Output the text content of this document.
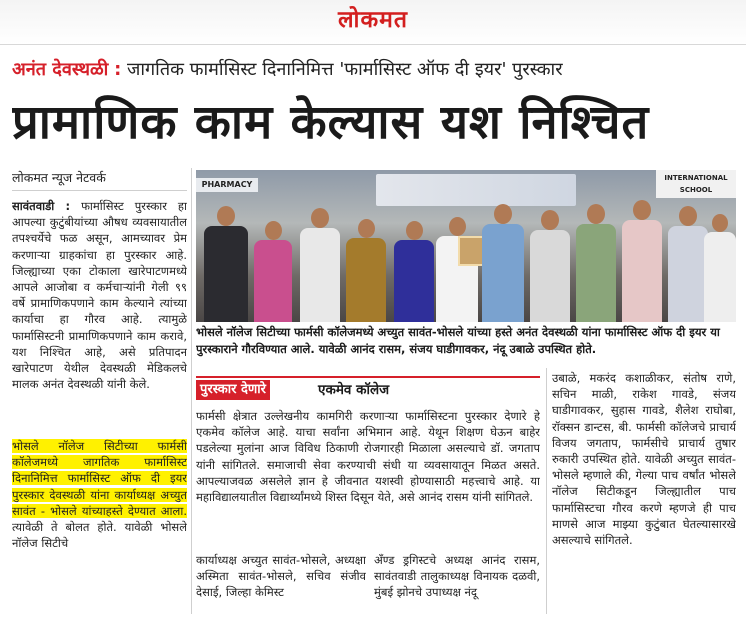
लोकमत
अनंत देवस्थळी : जागतिक फार्मासिस्ट दिनानिमित्त 'फार्मासिस्ट ऑफ दी इयर' पुरस्कार
प्रामाणिक काम केल्यास यश निश्चित
लोकमत न्यूज नेटवर्क
सावंतवाडी : फार्मासिस्ट पुरस्कार हा आपल्या कुटुंबीयांच्या औषध व्यवसायातील तपश्चर्येचे फळ असून, आमच्यावर प्रेम करणाऱ्या ग्राहकांचा हा पुरस्कार आहे. जिल्ह्याच्या एका टोकाला खारेपाटणमध्ये आपले आजोबा व कर्मचाऱ्यांनी गेली ९९ वर्षे प्रामाणिकपणाने काम केल्याने त्यांच्या कार्याचा हा गौरव आहे. त्यामुळे फार्मासिस्टनी प्रामाणिकपणाने काम करावे, यश निश्चित आहे, असे प्रतिपादन खारेपाटण येथील देवस्थळी मेडिकलचे मालक अनंत देवस्थळी यांनी केले.
भोसले नॉलेज सिटीच्या फार्मसी कॉलेजमध्ये जागतिक फार्मासिस्ट दिनानिमित्त फार्मासिस्ट ऑफ दी इयर पुरस्कार देवस्थळी यांना कार्याध्यक्ष अच्युत सावंत - भोसले यांच्याहस्ते देण्यात आला. त्यावेळी ते बोलत होते. यावेळी भोसले नॉलेज सिटीचे
PHARMACY
INTERNATIONAL SCHOOL
भोसले नॉलेज सिटीच्या फार्मसी कॉलेजमध्ये अच्युत सावंत-भोसले यांच्या हस्ते अनंत देवस्थळी यांना फार्मासिस्ट ऑफ दी इयर या पुरस्काराने गौरविण्यात आले. यावेळी आनंद रासम, संजय घाडीगावकर, नंदू उबाळे उपस्थित होते.
पुरस्कार देणारे	एकमेव कॉलेज
फार्मसी क्षेत्रात उल्लेखनीय कामगिरी करणाऱ्या फार्मासिस्टना पुरस्कार देणारे हे एकमेव कॉलेज आहे. याचा सर्वांना अभिमान आहे. येथून शिक्षण घेऊन बाहेर पडलेल्या मुलांना आज विविध ठिकाणी रोजगारही मिळाला असल्याचे डॉ. जगताप यांनी सांगितले. समाजाची सेवा करण्याची संधी या व्यवसायातून मिळत असते. आपल्याजवळ असलेले ज्ञान हे जीवनात यशस्वी होण्यासाठी महत्त्वाचे आहे. या महाविद्यालयातील विद्यार्थ्यांमध्ये शिस्त दिसून येते, असे आनंद रासम यांनी सांगितले.
कार्याध्यक्ष अच्युत सावंत-भोसले, अध्यक्षा अस्मिता सावंत-भोसले, सचिव संजीव देसाई, जिल्हा केमिस्ट
अँण्ड ड्रगिस्टचे अध्यक्ष आनंद रासम, सावंतवाडी तालुकाध्यक्ष विनायक दळवी, मुंबई झोनचे उपाध्यक्ष नंदू
उबाळे, मकरंद कशाळीकर, संतोष राणे, सचिन माळी, राकेश गावडे, संजय घाडीगावकर, सुहास गावडे, शैलेश राघोबा, रॉक्सन डान्टस, बी. फार्मसी कॉलेजचे प्राचार्य विजय जगताप, फार्मसीचे प्राचार्य तुषार रुकारी उपस्थित होते. यावेळी अच्युत सावंत-भोसले म्हणाले की, गेल्या पाच वर्षांत भोसले नॉलेज सिटीकडून जिल्ह्यातील पाच फार्मासिस्टचा गौरव करणे म्हणजे ही पाच माणसे आज माझ्या कुटुंबात घेतल्यासारखे असल्याचे सांगितले.
